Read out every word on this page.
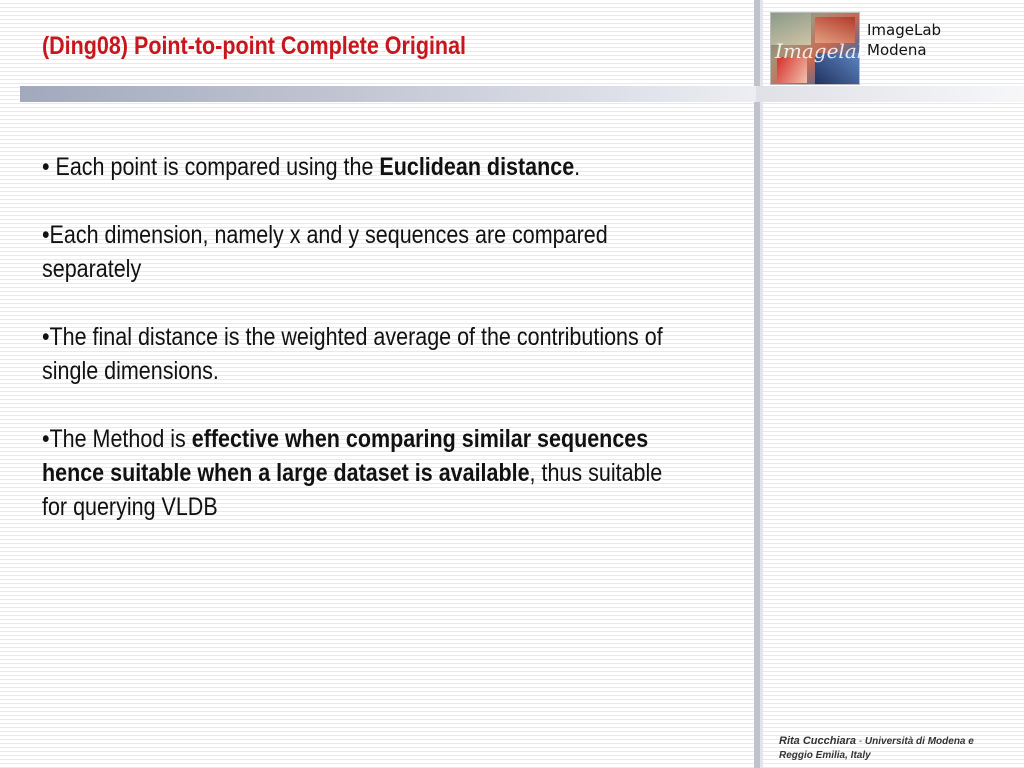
(Ding08) Point-to-point Complete Original	Imagelab
ImageLab
Modena

• Each point is compared using the Euclidean distance.

•Each dimension, namely x and y sequences are compared separately

•The final distance is the weighted average of the contributions of single dimensions.

•The Method is effective when comparing similar sequences hence suitable when a large dataset is available, thus suitable for querying VLDB

Rita Cucchiara - Università di Modena e Reggio Emilia, Italy
